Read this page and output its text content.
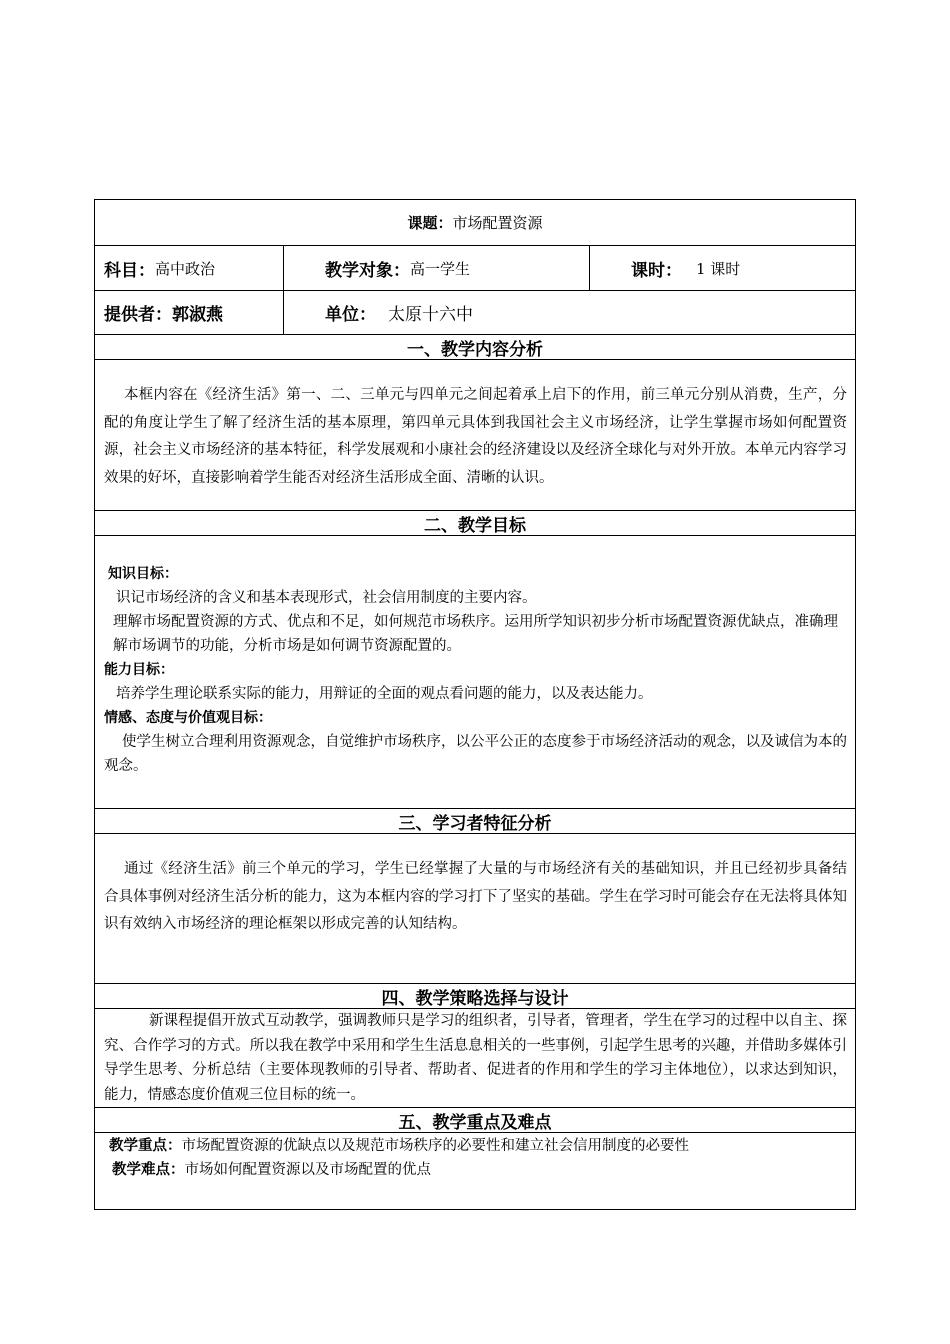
课题： 市场配置资源
科目： 高中政治	教学对象： 高一学生	课时： 1 课时
提供者： 郭淑燕	单位： 太原十六中
一、教学内容分析
本框内容在《经济生活》第一、二、三单元与四单元之间起着承上启下的作用，前三单元分别从消费，生产，分配的角度让学生了解了经济生活的基本原理，第四单元具体到我国社会主义市场经济，让学生掌握市场如何配置资源，社会主义市场经济的基本特征，科学发展观和小康社会的经济建设以及经济全球化与对外开放。本单元内容学习效果的好坏，直接影响着学生能否对经济生活形成全面、清晰的认识。
二、教学目标
知识目标：
识记市场经济的含义和基本表现形式，社会信用制度的主要内容。
理解市场配置资源的方式、优点和不足，如何规范市场秩序。运用所学知识初步分析市场配置资源优缺点，准确理解市场调节的功能，分析市场是如何调节资源配置的。
能力目标：
培养学生理论联系实际的能力，用辩证的全面的观点看问题的能力，以及表达能力。
情感、态度与价值观目标：
使学生树立合理利用资源观念，自觉维护市场秩序，以公平公正的态度参于市场经济活动的观念，以及诚信为本的观念。
三、学习者特征分析
通过《经济生活》前三个单元的学习，学生已经掌握了大量的与市场经济有关的基础知识，并且已经初步具备结合具体事例对经济生活分析的能力，这为本框内容的学习打下了坚实的基础。学生在学习时可能会存在无法将具体知识有效纳入市场经济的理论框架以形成完善的认知结构。
四、教学策略选择与设计
新课程提倡开放式互动教学，强调教师只是学习的组织者，引导者，管理者，学生在学习的过程中以自主、探究、合作学习的方式。所以我在教学中采用和学生生活息息相关的一些事例，引起学生思考的兴趣，并借助多媒体引导学生思考、分析总结（主要体现教师的引导者、帮助者、促进者的作用和学生的学习主体地位），以求达到知识，能力，情感态度价值观三位目标的统一。
五、教学重点及难点
教学重点：市场配置资源的优缺点以及规范市场秩序的必要性和建立社会信用制度的必要性
教学难点：市场如何配置资源以及市场配置的优点
